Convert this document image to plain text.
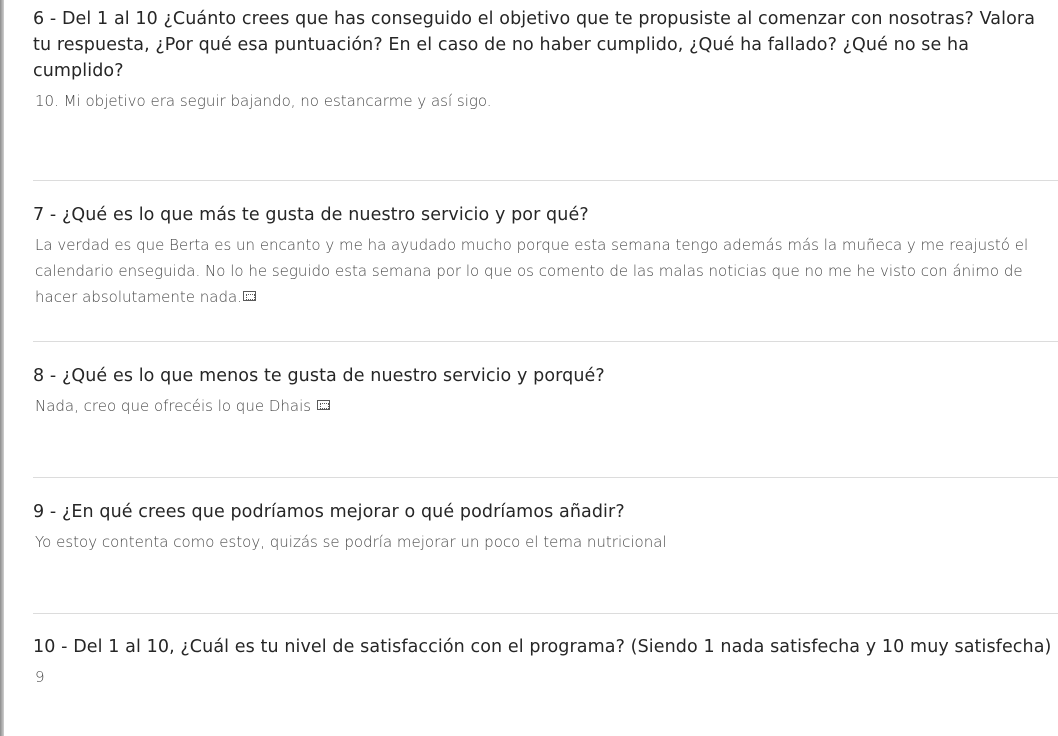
6 - Del 1 al 10 ¿Cuánto crees que has conseguido el objetivo que te propusiste al comenzar con nosotras? Valora tu respuesta, ¿Por qué esa puntuación? En el caso de no haber cumplido, ¿Qué ha fallado? ¿Qué no se ha cumplido?

10. Mi objetivo era seguir bajando, no estancarme y así sigo.

7 - ¿Qué es lo que más te gusta de nuestro servicio y por qué?

La verdad es que Berta es un encanto y me ha ayudado mucho porque esta semana tengo además más la muñeca y me reajustó el calendario enseguida. No lo he seguido esta semana por lo que os comento de las malas noticias que no me he visto con ánimo de hacer absolutamente nada.

8 - ¿Qué es lo que menos te gusta de nuestro servicio y porqué?

Nada, creo que ofrecéis lo que Dhais

9 - ¿En qué crees que podríamos mejorar o qué podríamos añadir?

Yo estoy contenta como estoy, quizás se podría mejorar un poco el tema nutricional

10 - Del 1 al 10, ¿Cuál es tu nivel de satisfacción con el programa? (Siendo 1 nada satisfecha y 10 muy satisfecha)

9
